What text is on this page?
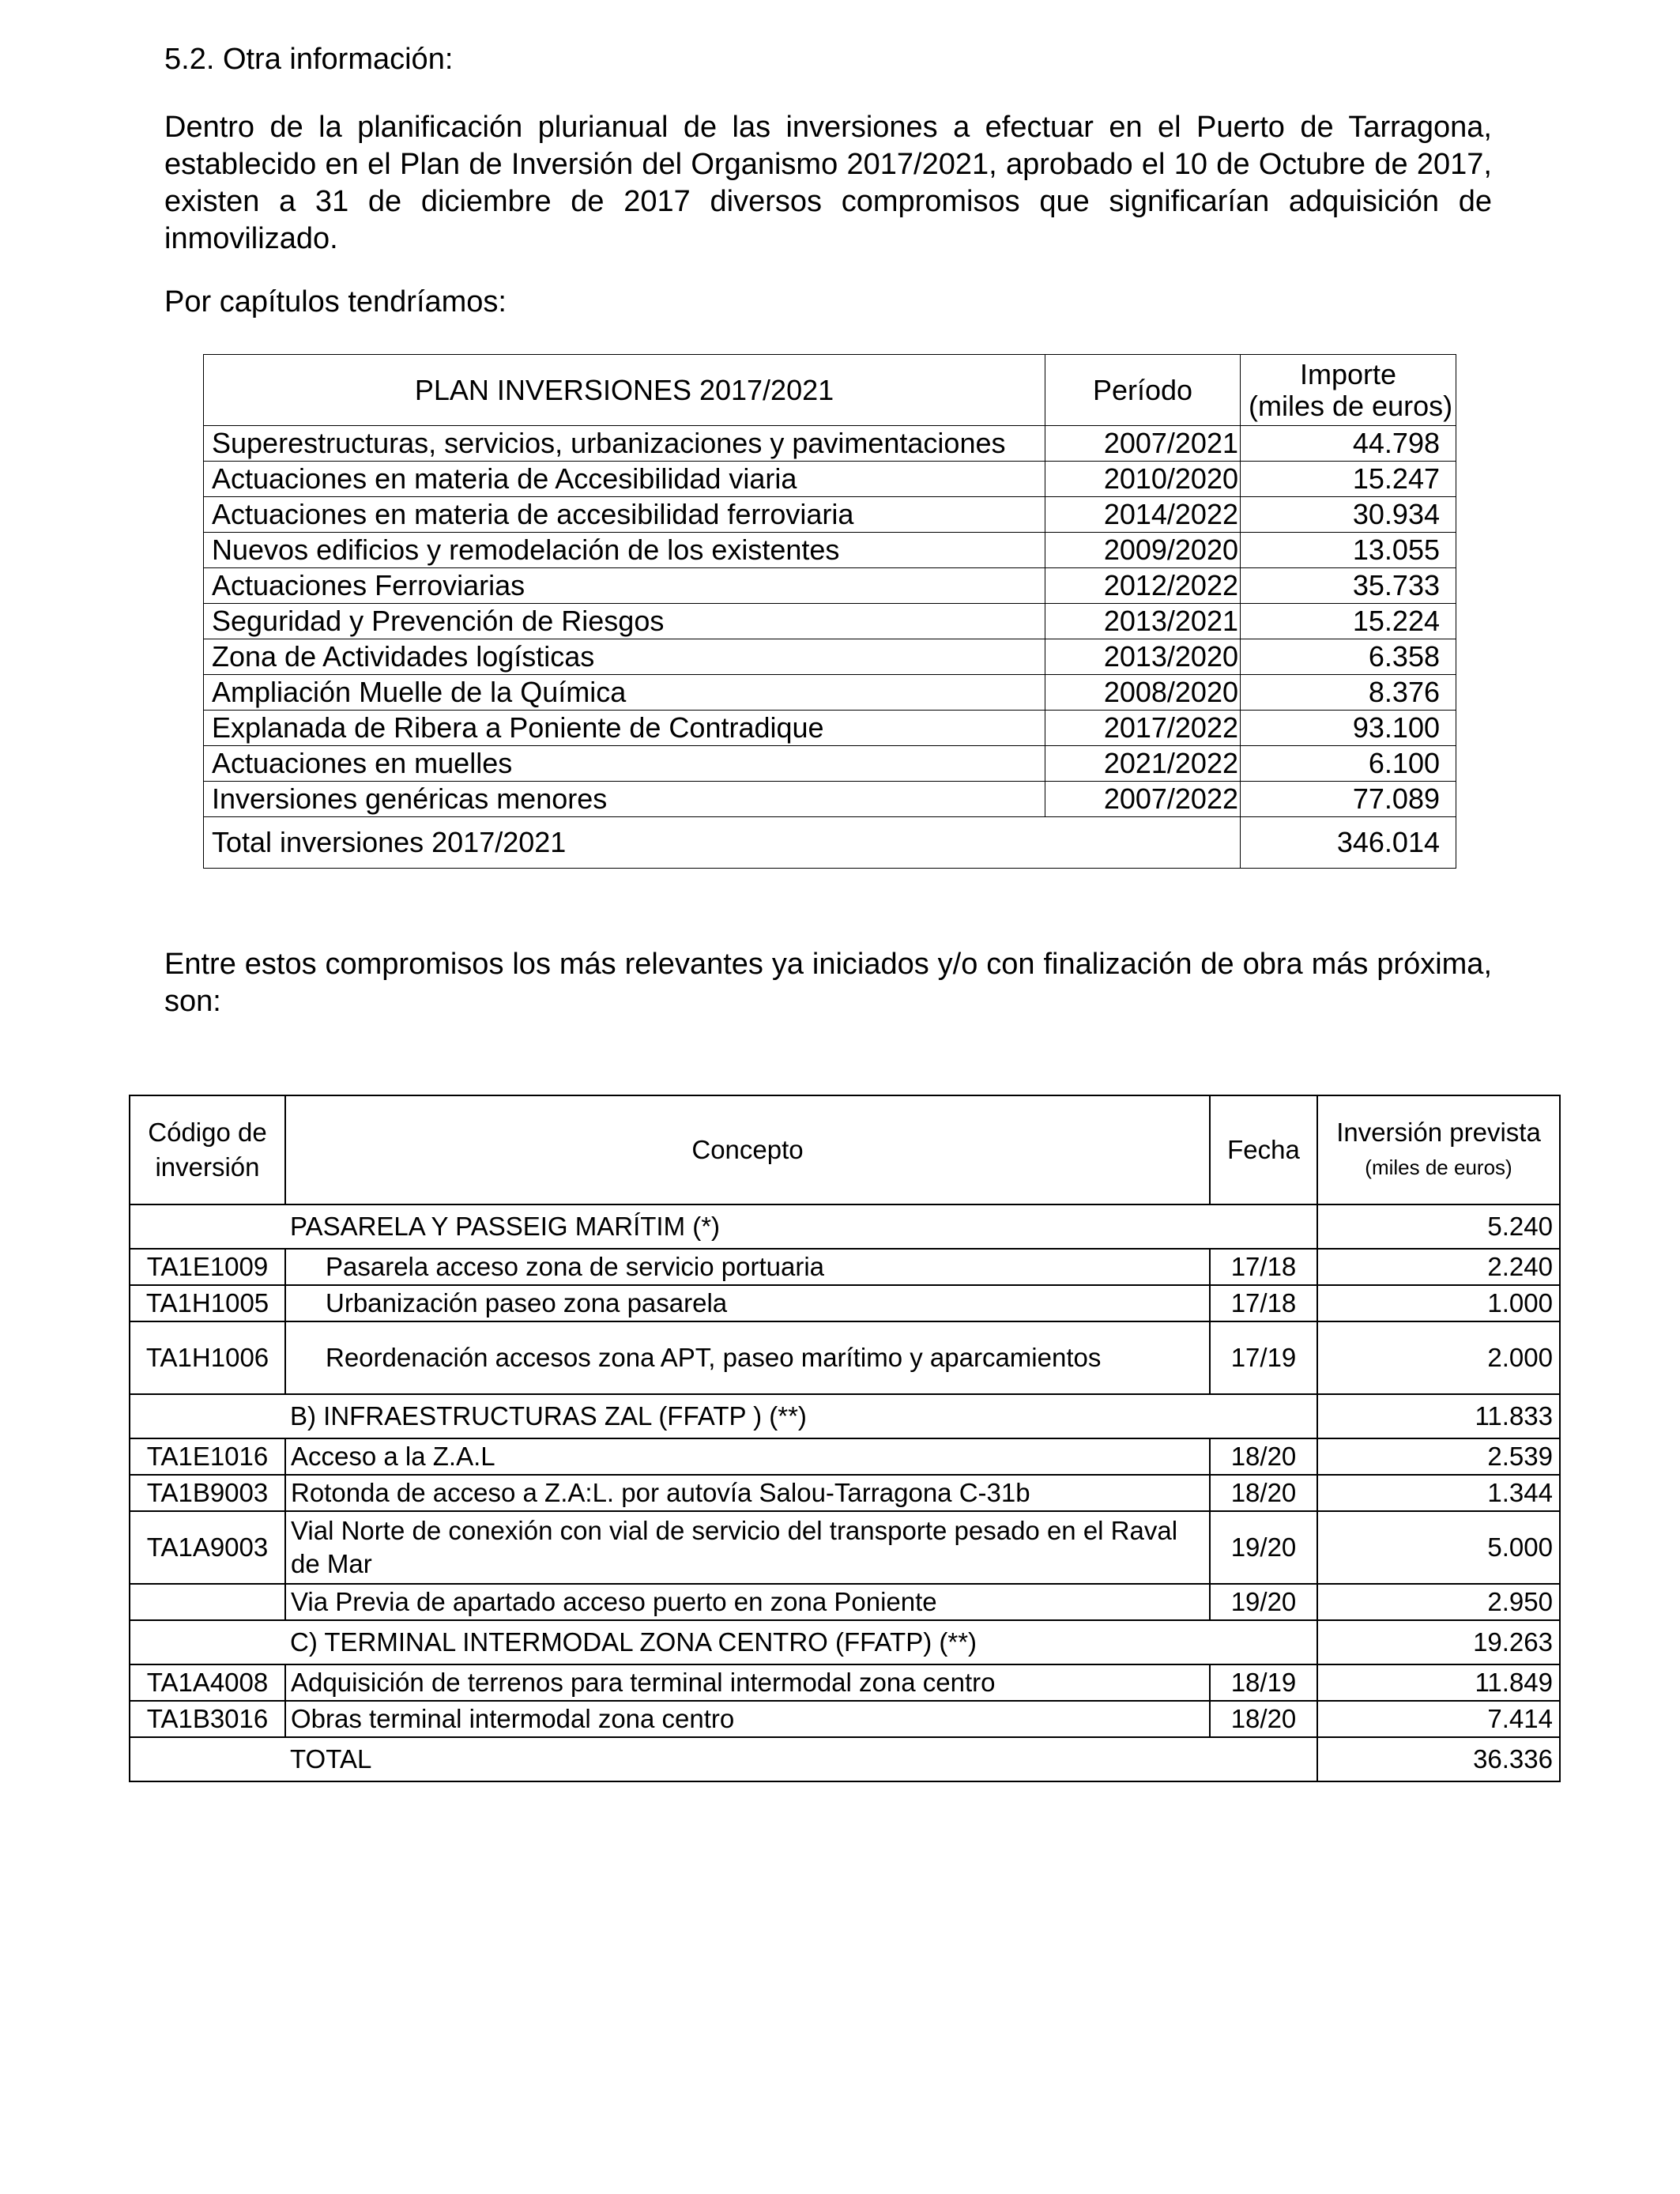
5.2. Otra información:
Dentro de la planificación plurianual de las inversiones a efectuar en el Puerto de Tarragona, establecido en el Plan de Inversión del Organismo 2017/2021, aprobado el 10 de Octubre de 2017, existen a 31 de diciembre de 2017 diversos compromisos que significarían adquisición de inmovilizado.
Por capítulos tendríamos:
PLAN INVERSIONES 2017/2021	Período	Importe
(miles de euros)

Superestructuras, servicios, urbanizaciones y pavimentaciones	2007/2021	44.798
Actuaciones en materia de Accesibilidad viaria	2010/2020	15.247
Actuaciones en materia de accesibilidad ferroviaria	2014/2022	30.934
Nuevos edificios y remodelación de los existentes	2009/2020	13.055
Actuaciones Ferroviarias	2012/2022	35.733
Seguridad y Prevención de Riesgos	2013/2021	15.224
Zona de Actividades logísticas	2013/2020	6.358
Ampliación Muelle de la Química	2008/2020	8.376
Explanada de Ribera a Poniente de Contradique	2017/2022	93.100
Actuaciones en muelles	2021/2022	6.100
Inversiones genéricas menores	2007/2022	77.089
Total inversiones 2017/2021		346.014
Entre estos compromisos los más relevantes ya iniciados y/o con finalización de obra más próxima, son:
Código de inversión	Concepto	Fecha	Inversión prevista
(miles de euros)

	PASARELA Y PASSEIG MARÍTIM (*)		5.240
TA1E1009	Pasarela acceso zona de servicio portuaria	17/18	2.240
TA1H1005	Urbanización paseo zona pasarela	17/18	1.000
TA1H1006	Reordenación accesos zona APT, paseo marítimo y aparcamientos	17/19	2.000
	B) INFRAESTRUCTURAS ZAL (FFATP ) (**)		11.833
TA1E1016	Acceso a la Z.A.L	18/20	2.539
TA1B9003	Rotonda de acceso a Z.A:L. por autovía Salou-Tarragona C-31b	18/20	1.344
TA1A9003	Vial Norte de conexión con vial de servicio del transporte pesado en el Raval de Mar	19/20	5.000
	Via Previa de apartado acceso puerto en zona Poniente	19/20	2.950
	C) TERMINAL INTERMODAL ZONA CENTRO (FFATP) (**)		19.263
TA1A4008	Adquisición de terrenos para terminal intermodal zona centro	18/19	11.849
TA1B3016	Obras terminal intermodal zona centro	18/20	7.414
	TOTAL		36.336
